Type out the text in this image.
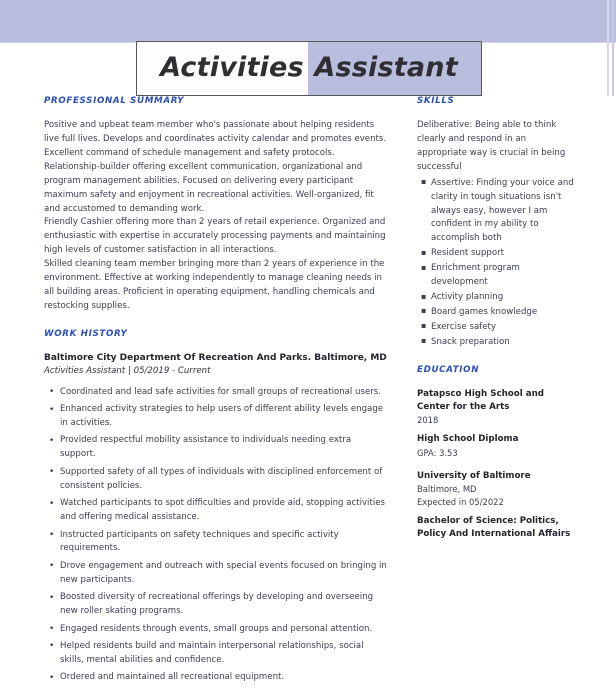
Activities Assistant
PROFESSIONAL SUMMARY

Positive and upbeat team member who's passionate about helping residents live full lives. Develops and coordinates activity calendar and promotes events. Excellent command of schedule management and safety protocols.

Relationship-builder offering excellent communication, organizational and program management abilities. Focused on delivering every participant maximum safety and enjoyment in recreational activities. Well-organized, fit and accustomed to demanding work.

Friendly Cashier offering more than 2 years of retail experience. Organized and enthusiastic with expertise in accurately processing payments and maintaining high levels of customer satisfaction in all interactions.

Skilled cleaning team member bringing more than 2 years of experience in the environment. Effective at working independently to manage cleaning needs in all building areas. Proficient in operating equipment, handling chemicals and restocking supplies.

WORK HISTORY
Baltimore City Department Of Recreation And Parks. Baltimore, MD
Activities Assistant | 05/2019 - Current
• Coordinated and lead safe activities for small groups of recreational users.
• Enhanced activity strategies to help users of different ability levels engage in activities.
• Provided respectful mobility assistance to individuals needing extra support.
• Supported safety of all types of individuals with disciplined enforcement of consistent policies.
• Watched participants to spot difficulties and provide aid, stopping activities and offering medical assistance.
• Instructed participants on safety techniques and specific activity requirements.
• Drove engagement and outreach with special events focused on bringing in new participants.
• Boosted diversity of recreational offerings by developing and overseeing new roller skating programs.
• Engaged residents through events, small groups and personal attention.
• Helped residents build and maintain interpersonal relationships, social skills, mental abilities and confidence.
• Ordered and maintained all recreational equipment.
SKILLS
Deliberative: Being able to think clearly and respond in an appropriate way is crucial in being successful
▪ Assertive: Finding your voice and clarity in tough situations isn't always easy, however I am confident in my ability to accomplish both
▪ Resident support
▪ Enrichment program development
▪ Activity planning
▪ Board games knowledge
▪ Exercise safety
▪ Snack preparation
EDUCATION
Patapsco High School and Center for the Arts
2018
High School Diploma
GPA: 3.53
University of Baltimore
Baltimore, MD
Expected in 05/2022
Bachelor of Science: Politics, Policy And International Affairs
